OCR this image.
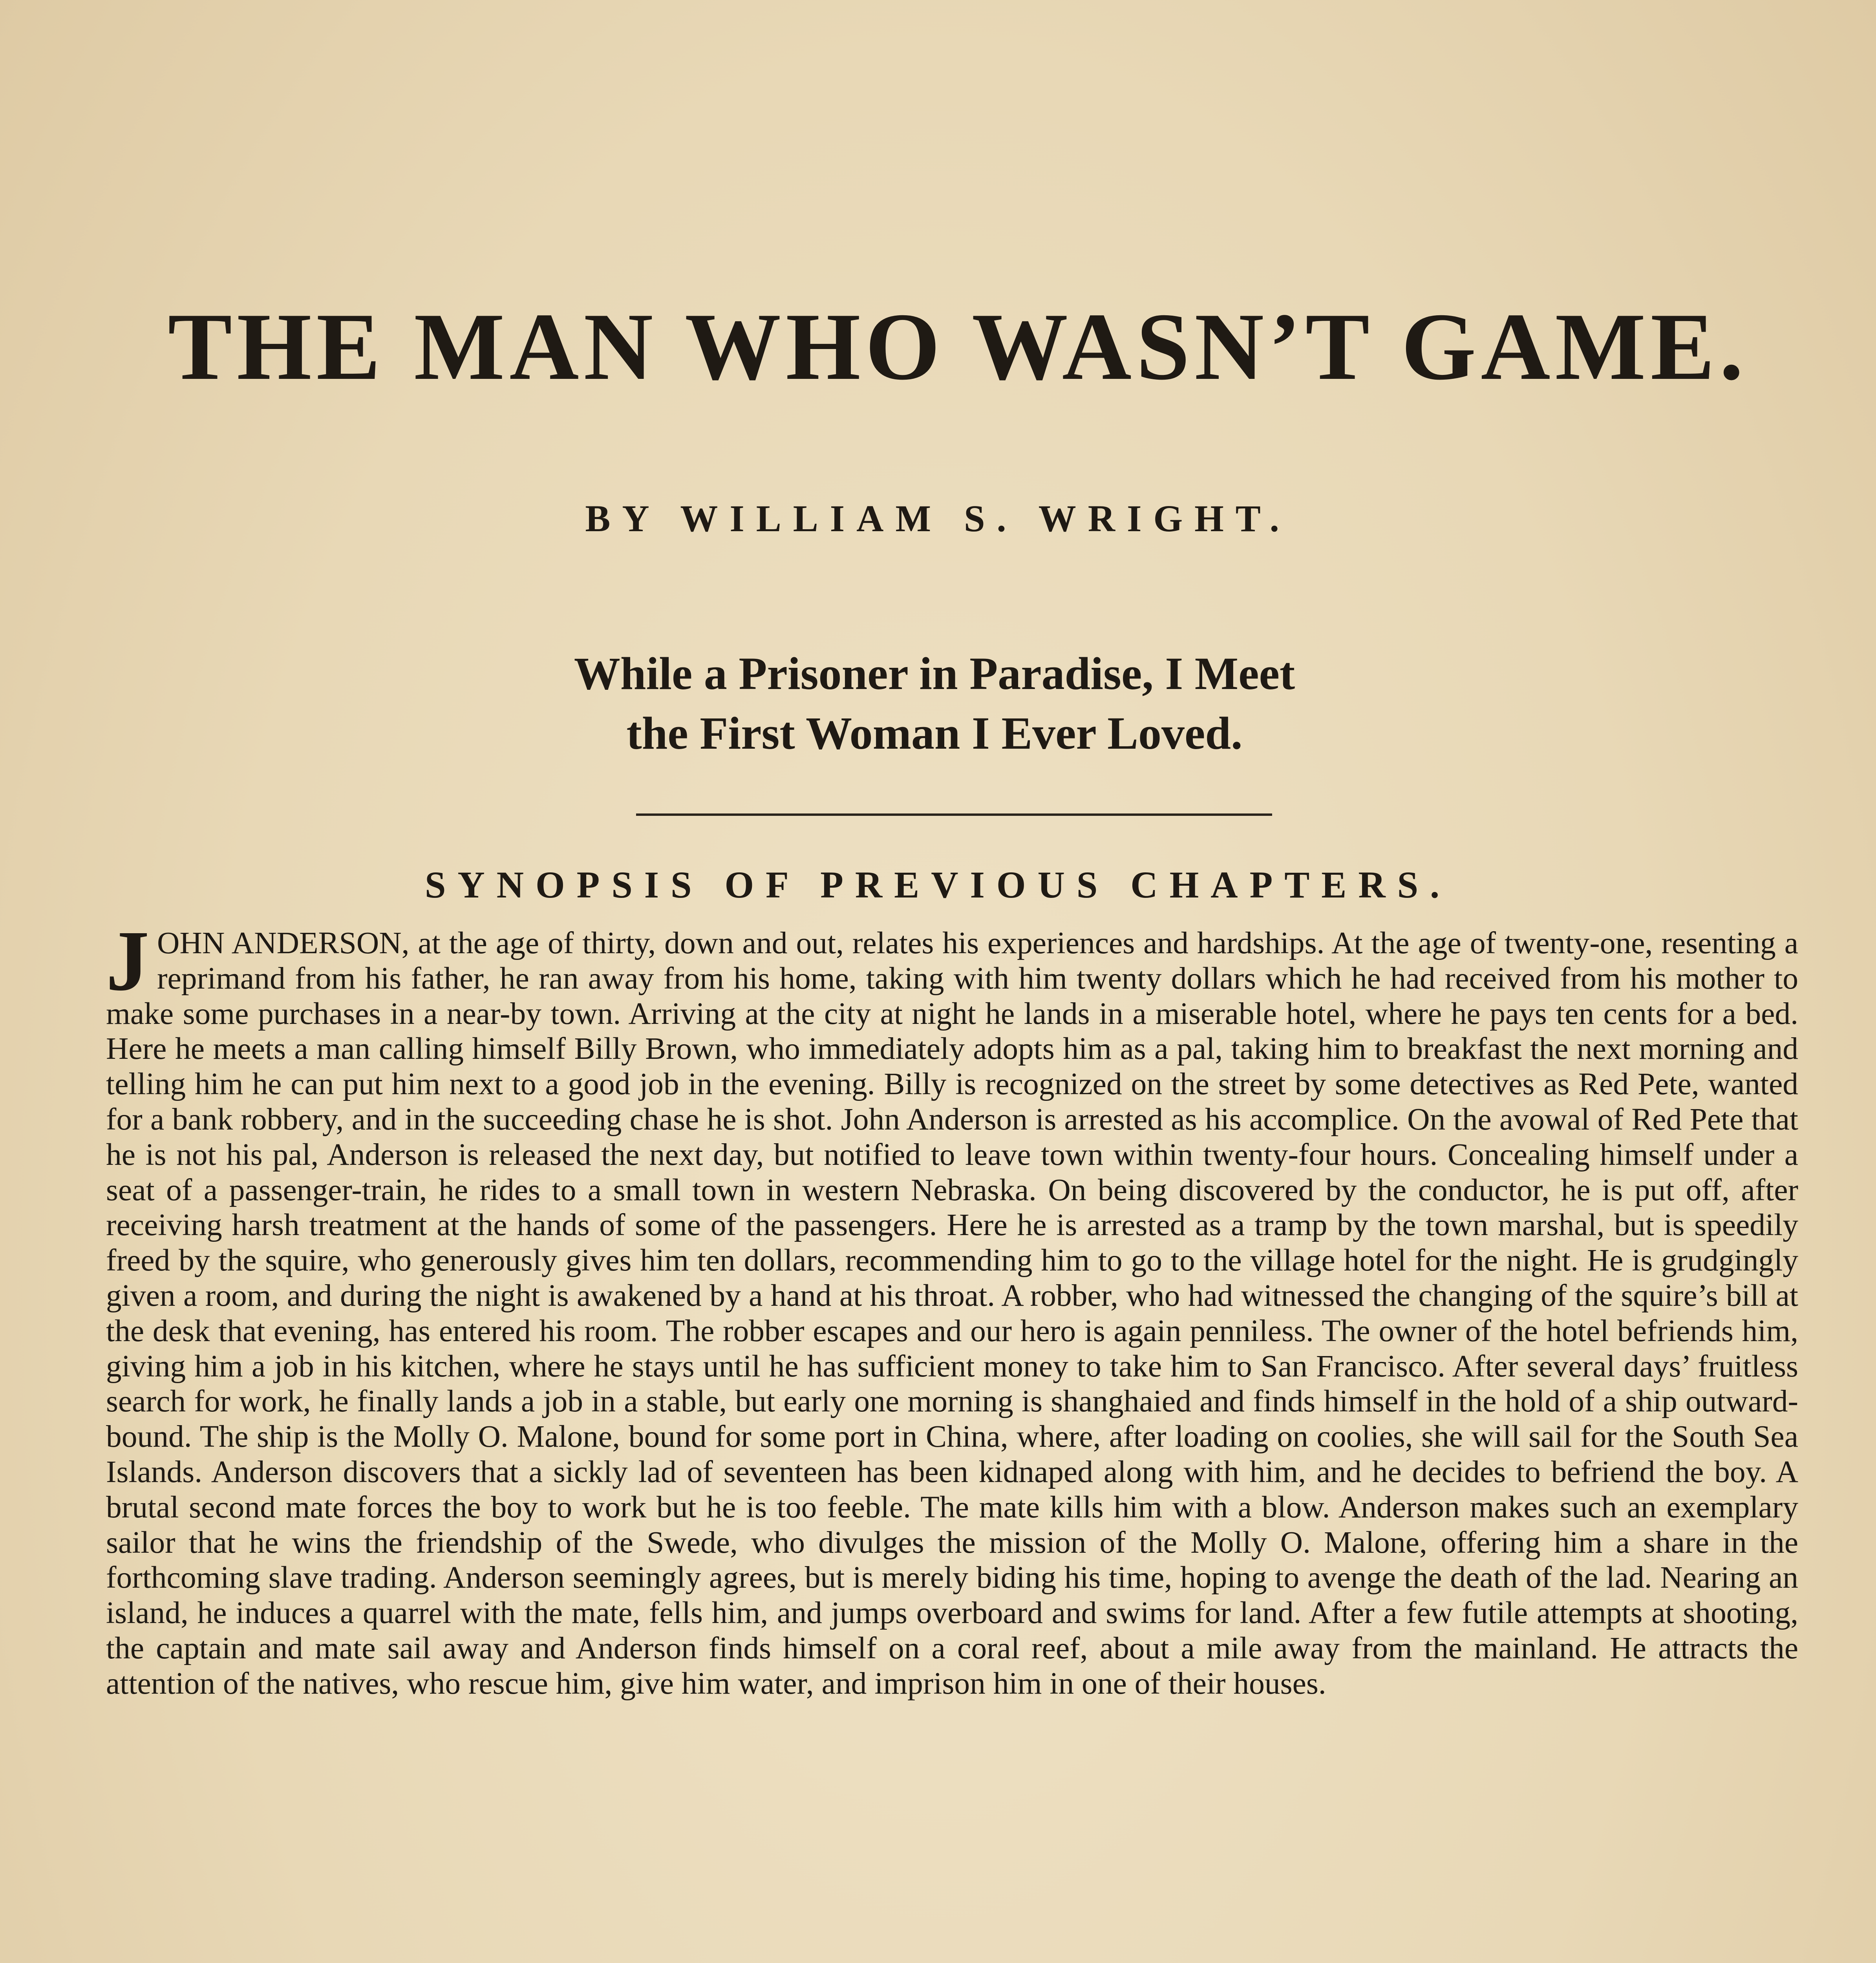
THE MAN WHO WASN’T GAME.

BY WILLIAM S. WRIGHT.

While a Prisoner in Paradise, I Meet
the First Woman I Ever Loved.
SYNOPSIS OF PREVIOUS CHAPTERS.

JOHN ANDERSON, at the age of thirty, down and out, relates his experiences and hardships. At the age of twenty-one, resenting a reprimand from his father, he ran away from his home, taking with him twenty dollars which he had received from his mother to make some purchases in a near-by town. Arriving at the city at night he lands in a miserable hotel, where he pays ten cents for a bed. Here he meets a man calling himself Billy Brown, who immediately adopts him as a pal, taking him to breakfast the next morning and telling him he can put him next to a good job in the evening. Billy is recognized on the street by some detectives as Red Pete, wanted for a bank robbery, and in the succeeding chase he is shot. John Anderson is arrested as his accomplice. On the avowal of Red Pete that he is not his pal, Anderson is released the next day, but notified to leave town within twenty-four hours. Concealing himself under a seat of a passenger-train, he rides to a small town in western Nebraska. On being discovered by the conductor, he is put off, after receiving harsh treatment at the hands of some of the passengers. Here he is arrested as a tramp by the town marshal, but is speedily freed by the squire, who generously gives him ten dollars, recommending him to go to the village hotel for the night. He is grudgingly given a room, and during the night is awakened by a hand at his throat. A robber, who had witnessed the changing of the squire’s bill at the desk that evening, has entered his room. The robber escapes and our hero is again penniless. The owner of the hotel befriends him, giving him a job in his kitchen, where he stays until he has sufficient money to take him to San Francisco. After several days’ fruitless search for work, he finally lands a job in a stable, but early one morning is shanghaied and finds himself in the hold of a ship outward-bound. The ship is the Molly O. Malone, bound for some port in China, where, after loading on coolies, she will sail for the South Sea Islands. Anderson discovers that a sickly lad of seventeen has been kidnaped along with him, and he decides to befriend the boy. A brutal second mate forces the boy to work but he is too feeble. The mate kills him with a blow. Anderson makes such an exemplary sailor that he wins the friendship of the Swede, who divulges the mission of the Molly O. Malone, offering him a share in the forthcoming slave trading. Anderson seemingly agrees, but is merely biding his time, hoping to avenge the death of the lad. Nearing an island, he induces a quarrel with the mate, fells him, and jumps overboard and swims for land. After a few futile attempts at shooting, the captain and mate sail away and Anderson finds himself on a coral reef, about a mile away from the mainland. He attracts the attention of the natives, who rescue him, give him water, and imprison him in one of their houses.
